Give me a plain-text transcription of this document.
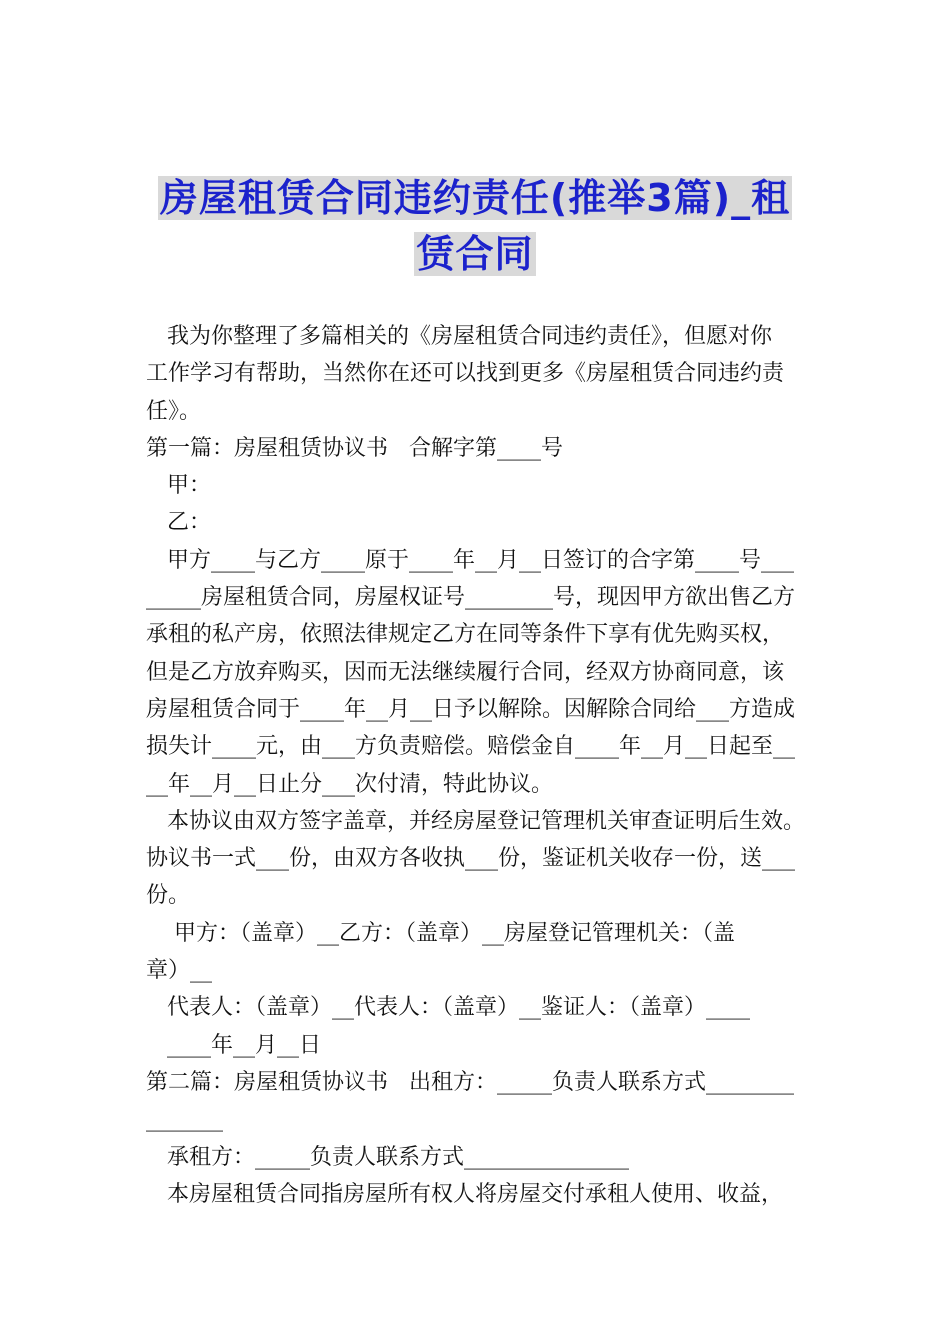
房屋租赁合同违约责任(推举3篇)_租
赁合同

我为你整理了多篇相关的《房屋租赁合同违约责任》，但愿对你

工作学习有帮助，当然你在还可以找到更多《房屋租赁合同违约责

任》。

第一篇：房屋租赁协议书   合解字第____号

甲：

乙：

甲方____与乙方____原于____年__月__日签订的合字第____号___

_____房屋租赁合同，房屋权证号________号，现因甲方欲出售乙方

承租的私产房，依照法律规定乙方在同等条件下享有优先购买权，

但是乙方放弃购买，因而无法继续履行合同，经双方协商同意，该

房屋租赁合同于____年__月__日予以解除。因解除合同给___方造成

损失计____元，由___方负责赔偿。赔偿金自____年__月__日起至__

__年__月__日止分___次付清，特此协议。

本协议由双方签字盖章，并经房屋登记管理机关审查证明后生效。

协议书一式___份，由双方各收执___份，鉴证机关收存一份，送___

份。

甲方：（盖章）__乙方：（盖章）__房屋登记管理机关：（盖

章）__

代表人：（盖章）__代表人：（盖章）__鉴证人：（盖章）____

____年__月__日

第二篇：房屋租赁协议书   出租方：_____负责人联系方式________

_______

承租方：_____负责人联系方式_______________

本房屋租赁合同指房屋所有权人将房屋交付承租人使用、收益，
